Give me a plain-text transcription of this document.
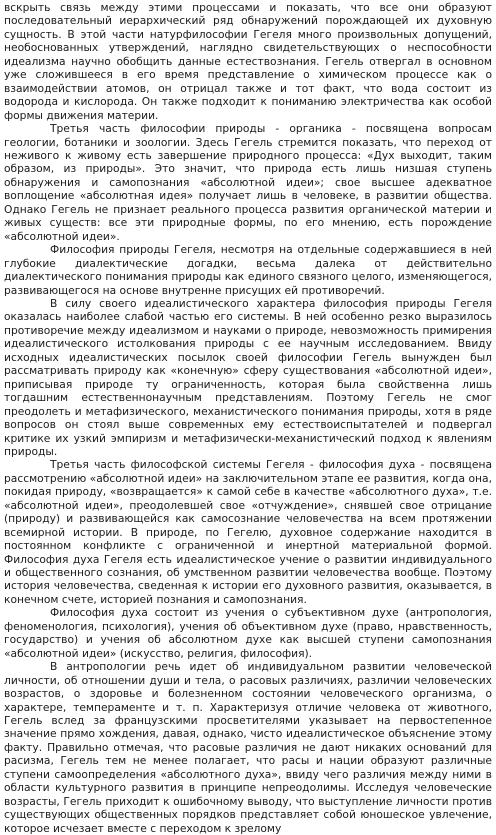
вскрыть связь между этими процессами и показать, что все они образуют последовательный иерархический ряд обнаружений порождающей их духовную сущность. В этой части натурфилософии Гегеля много произвольных допущений, необоснованных утверждений, наглядно свидетельствующих о неспособности идеализма научно обобщить данные естествознания. Гегель отвергал в основном уже сложившееся в его время представление о химическом процессе как о взаимодействии атомов, он отрицал также и тот факт, что вода состоит из водорода и кислорода. Он также подходит к пониманию электричества как особой формы движения материи.

Третья часть философии природы - органика - посвящена вопросам геологии, ботаники и зоологии. Здесь Гегель стремится показать, что переход от неживого к живому есть завершение природного процесса: «Дух выходит, таким образом, из природы». Это значит, что природа есть лишь низшая ступень обнаружения и самопознания «абсолютной идеи»; свое высшее адекватное воплощение «абсолютная идея» получает лишь в человеке, в развитии общества. Однако Гегель не признает реального процесса развития органической материи и живых существ: все эти природные формы, по его мнению, есть порождение «абсолютной идеи».

Философия природы Гегеля, несмотря на отдельные содержавшиеся в ней глубокие диалектические догадки, весьма далека от действительно диалектического понимания природы как единого связного целого, изменяющегося, развивающегося на основе внутренне присущих ей противоречий.

В силу своего идеалистического характера философия природы Гегеля оказалась наиболее слабой частью его системы. В ней особенно резко выразилось противоречие между идеализмом и науками о природе, невозможность примирения идеалистического истолкования природы с ее научным исследованием. Ввиду исходных идеалистических посылок своей философии Гегель вынужден был рассматривать природу как «конечную» сферу существования «абсолютной идеи», приписывая природе ту ограниченность, которая была свойственна лишь тогдашним естественнонаучным представлениям. Поэтому Гегель не смог преодолеть и метафизического, механистического понимания природы, хотя в ряде вопросов он стоял выше современных ему естествоиспытателей и подвергал критике их узкий эмпиризм и метафизически-механистический подход к явлениям природы.

Третья часть философской системы Гегеля - философия духа - посвящена рассмотрению «абсолютной идеи» на заключительном этапе ее развития, когда она, покидая природу, «возвращается» к самой себе в качестве «абсолютного духа», т.е. «абсолютной идеи», преодолевшей свое «отчуждение», снявшей свое отрицание (природу) и развивающейся как самосознание человечества на всем протяжении всемирной истории. В природе, по Гегелю, духовное содержание находится в постоянном конфликте с ограниченной и инертной материальной формой. Философия духа Гегеля есть идеалистическое учение о развитии индивидуального и общественного сознания, об умственном развитии человечества вообще. Поэтому история человечества, сведенная к истории его духовного развития, оказывается, в конечном счете, историей познания и самопознания.

Философия духа состоит из учения о субъективном духе (антропология, феноменология, психология), учения об объективном духе (право, нравственность, государство) и учения об абсолютном духе как высшей ступени самопознания «абсолютной идеи» (искусство, религия, философия).

В антропологии речь идет об индивидуальном развитии человеческой личности, об отношении души и тела, о расовых различиях, различии человеческих возрастов, о здоровье и болезненном состоянии человеческого организма, о характере, темпераменте и т. п. Характеризуя отличие человека от животного, Гегель вслед за французскими просветителями указывает на первостепенное значение прямо хождения, давая, однако, чисто идеалистическое объяснение этому факту. Правильно отмечая, что расовые различия не дают никаких оснований для расизма, Гегель тем не менее полагает, что расы и нации образуют различные ступени самоопределения «абсолютного духа», ввиду чего различия между ними в области культурного развития в принципе непреодолимы. Исследуя человеческие возрасты, Гегель приходит к ошибочному выводу, что выступление личности против существующих общественных порядков представляет собой юношеское увлечение, которое исчезает вместе с переходом к зрелому
